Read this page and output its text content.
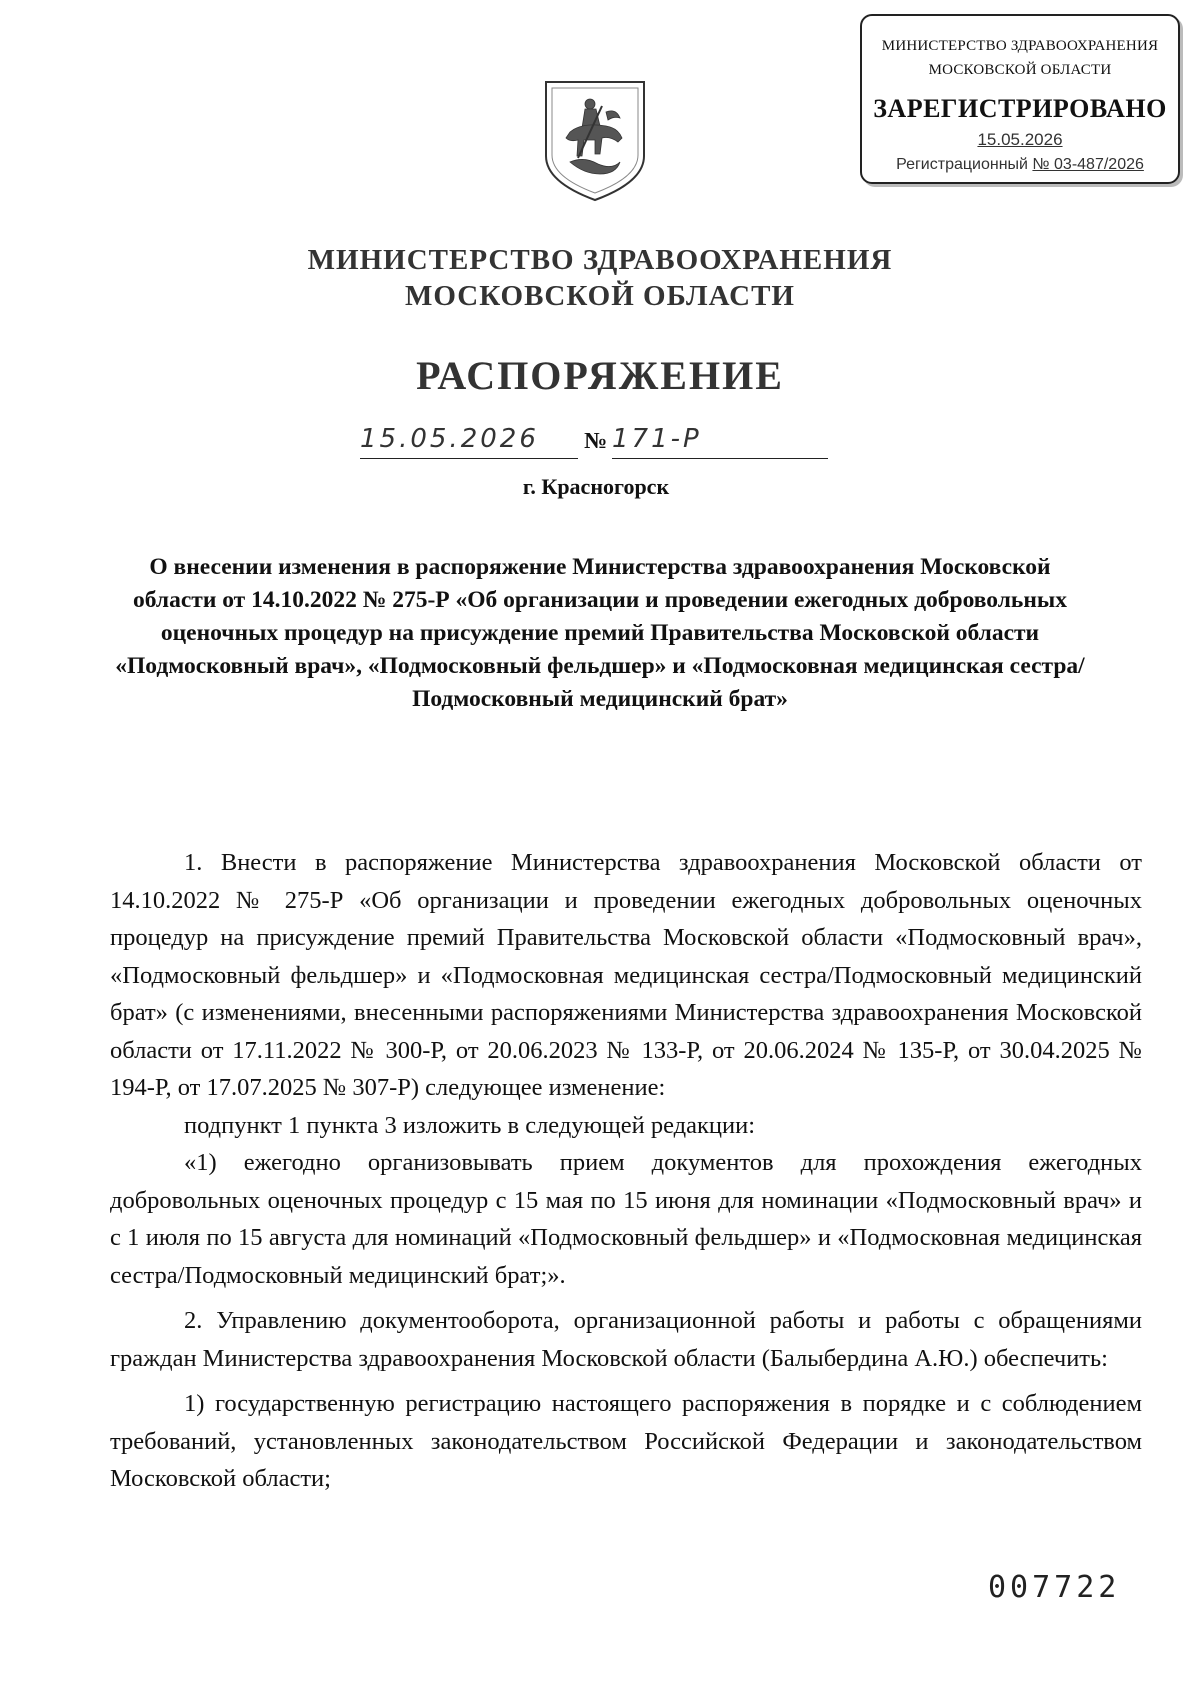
МИНИСТЕРСТВО ЗДРАВООХРАНЕНИЯ
МОСКОВСКОЙ ОБЛАСТИ
ЗАРЕГИСТРИРОВАНО
15.05.2026
Регистрационный № 03-487/2026
МИНИСТЕРСТВО ЗДРАВООХРАНЕНИЯ
МОСКОВСКОЙ ОБЛАСТИ
РАСПОРЯЖЕНИЕ
15.05.2026 № 171-Р
г. Красногорск
О внесении изменения в распоряжение Министерства здравоохранения Московской области от 14.10.2022 № 275-Р «Об организации и проведении ежегодных добровольных оценочных процедур на присуждение премий Правительства Московской области «Подмосковный врач», «Подмосковный фельдшер» и «Подмосковная медицинская сестра/Подмосковный медицинский брат»

1. Внести в распоряжение Министерства здравоохранения Московской области от 14.10.2022 № 275-Р «Об организации и проведении ежегодных добровольных оценочных процедур на присуждение премий Правительства Московской области «Подмосковный врач», «Подмосковный фельдшер» и «Подмосковная медицинская сестра/Подмосковный медицинский брат» (с изменениями, внесенными распоряжениями Министерства здравоохранения Московской области от 17.11.2022 № 300-Р, от 20.06.2023 № 133-Р, от 20.06.2024 № 135-Р, от 30.04.2025 № 194-Р, от 17.07.2025 № 307-Р) следующее изменение:

подпункт 1 пункта 3 изложить в следующей редакции:

«1) ежегодно организовывать прием документов для прохождения ежегодных добровольных оценочных процедур с 15 мая по 15 июня для номинации «Подмосковный врач» и с 1 июля по 15 августа для номинаций «Подмосковный фельдшер» и «Подмосковная медицинская сестра/Подмосковный медицинский брат;».

2. Управлению документооборота, организационной работы и работы с обращениями граждан Министерства здравоохранения Московской области (Балыбердина А.Ю.) обеспечить:

1) государственную регистрацию настоящего распоряжения в порядке и с соблюдением требований, установленных законодательством Российской Федерации и законодательством Московской области;

007722
